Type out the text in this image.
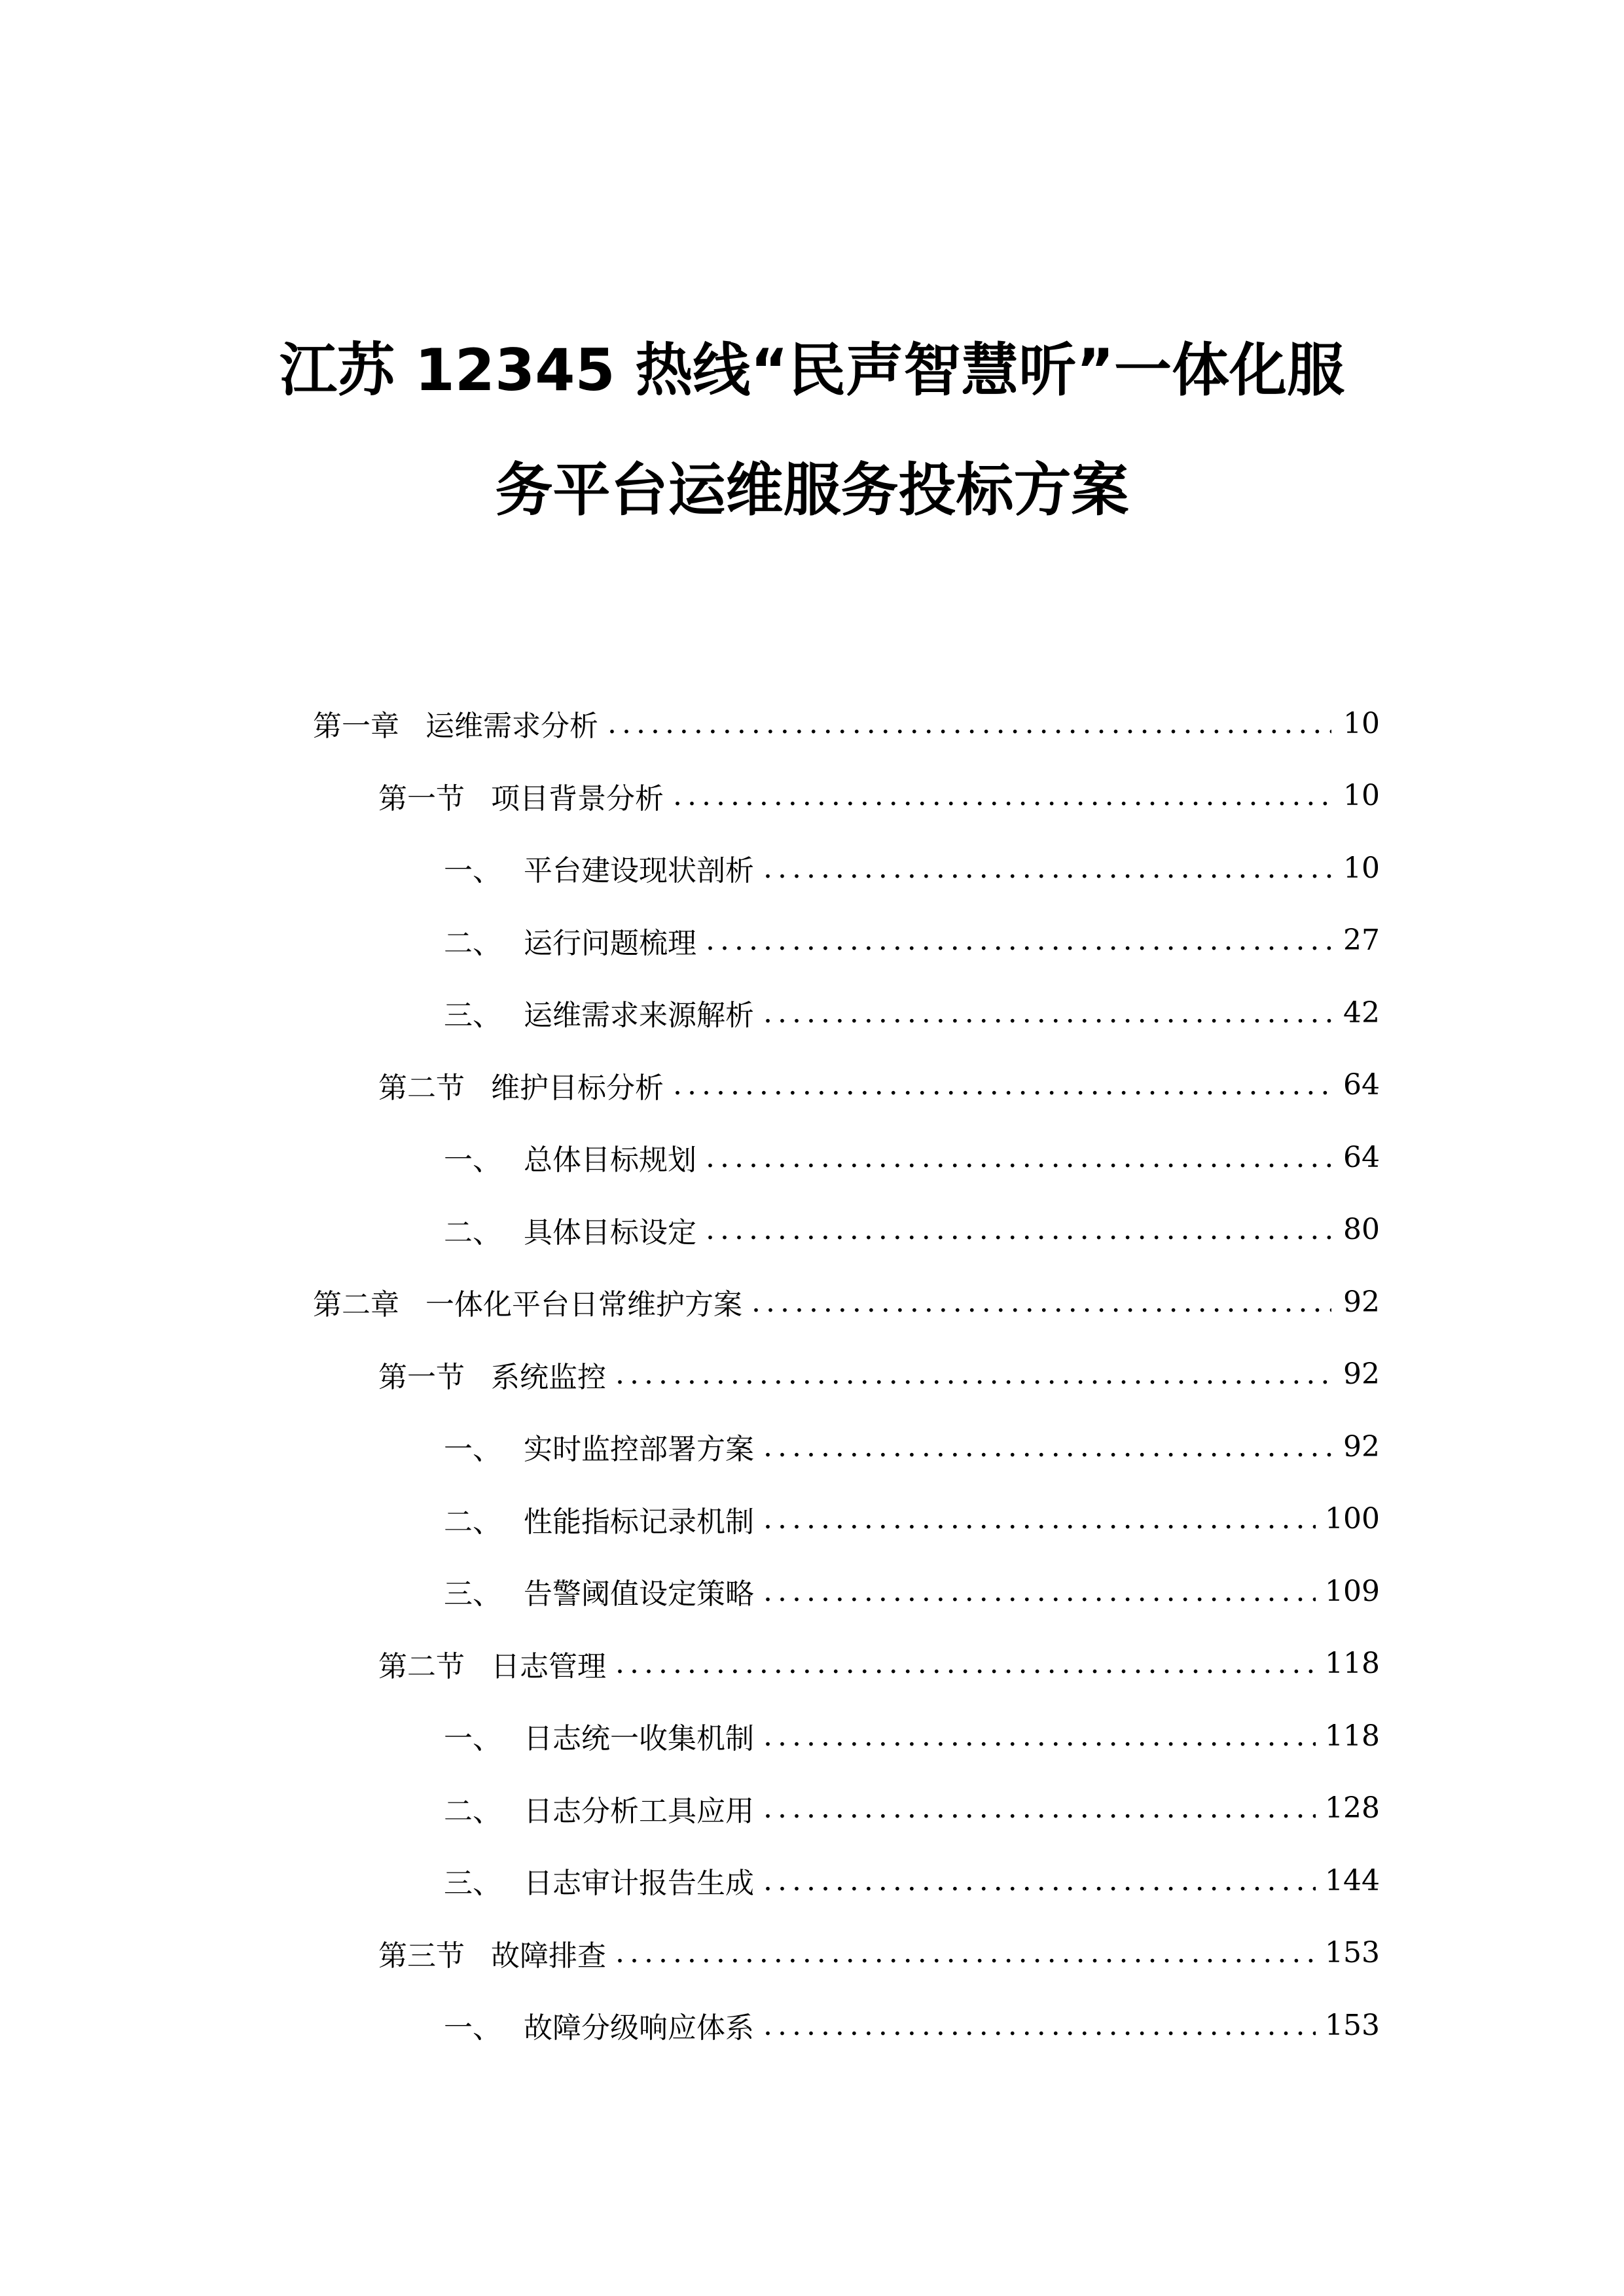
江苏 12345 热线“民声智慧听”一体化服
务平台运维服务投标方案
第一章 运维需求分析 .....	10
第一节 项目背景分析 .....	10
一、 平台建设现状剖析 .....	10
二、 运行问题梳理 .....	27
三、 运维需求来源解析 .....	42
第二节 维护目标分析 .....	64
一、 总体目标规划 .....	64
二、 具体目标设定 .....	80
第二章 一体化平台日常维护方案 .....	92
第一节 系统监控 .....	92
一、 实时监控部署方案 .....	92
二、 性能指标记录机制 .....	100
三、 告警阈值设定策略 .....	109
第二节 日志管理 .....	118
一、 日志统一收集机制 .....	118
二、 日志分析工具应用 .....	128
三、 日志审计报告生成 .....	144
第三节 故障排查 .....	153
一、 故障分级响应体系 .....	153
